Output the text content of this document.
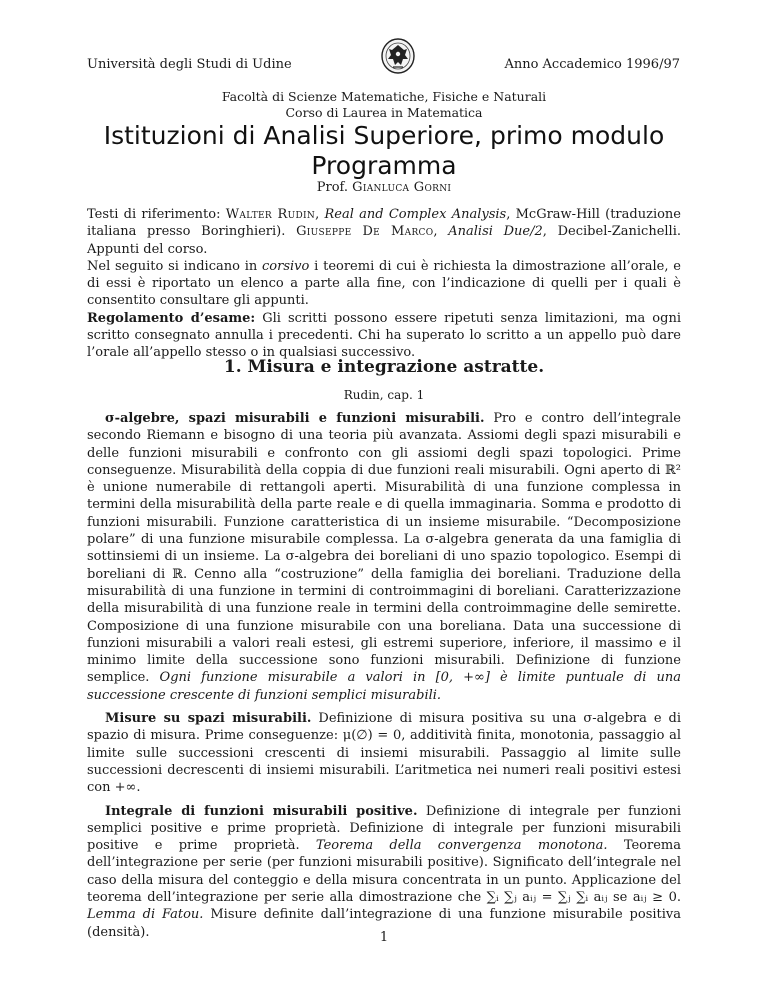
Università degli Studi di Udine	Anno Accademico 1996/97
Facoltà di Scienze Matematiche, Fisiche e Naturali
Corso di Laurea in Matematica
Istituzioni di Analisi Superiore, primo modulo
Programma
Prof. Gianluca Gorni

Testi di riferimento: Walter Rudin, Real and Complex Analysis, McGraw-Hill (traduzione italiana presso Boringhieri). Giuseppe De Marco, Analisi Due/2, Decibel-Zanichelli. Appunti del corso.

Nel seguito si indicano in corsivo i teoremi di cui è richiesta la dimostrazione all’orale, e di essi è riportato un elenco a parte alla fine, con l’indicazione di quelli per i quali è consentito consultare gli appunti.

Regolamento d’esame: Gli scritti possono essere ripetuti senza limitazioni, ma ogni scritto consegnato annulla i precedenti. Chi ha superato lo scritto a un appello può dare l’orale all’appello stesso o in qualsiasi successivo.

1. Misura e integrazione astratte.
Rudin, cap. 1

σ-algebre, spazi misurabili e funzioni misurabili. Pro e contro dell’integrale secondo Riemann e bisogno di una teoria più avanzata. Assiomi degli spazi misurabili e delle funzioni misurabili e confronto con gli assiomi degli spazi topologici. Prime conseguenze. Misurabilità della coppia di due funzioni reali misurabili. Ogni aperto di ℝ² è unione numerabile di rettangoli aperti. Misurabilità di una funzione complessa in termini della misurabilità della parte reale e di quella immaginaria. Somma e prodotto di funzioni misurabili. Funzione caratteristica di un insieme misurabile. “Decomposizione polare” di una funzione misurabile complessa. La σ-algebra generata da una famiglia di sottinsiemi di un insieme. La σ-algebra dei boreliani di uno spazio topologico. Esempi di boreliani di ℝ. Cenno alla “costruzione” della famiglia dei boreliani. Traduzione della misurabilità di una funzione in termini di controimmagini di boreliani. Caratterizzazione della misurabilità di una funzione reale in termini della controimmagine delle semirette. Composizione di una funzione misurabile con una boreliana. Data una successione di funzioni misurabili a valori reali estesi, gli estremi superiore, inferiore, il massimo e il minimo limite della successione sono funzioni misurabili. Definizione di funzione semplice. Ogni funzione misurabile a valori in [0, +∞] è limite puntuale di una successione crescente di funzioni semplici misurabili.

Misure su spazi misurabili. Definizione di misura positiva su una σ-algebra e di spazio di misura. Prime conseguenze: μ(∅) = 0, additività finita, monotonia, passaggio al limite sulle successioni crescenti di insiemi misurabili. Passaggio al limite sulle successioni decrescenti di insiemi misurabili. L’aritmetica nei numeri reali positivi estesi con +∞.

Integrale di funzioni misurabili positive. Definizione di integrale per funzioni semplici positive e prime proprietà. Definizione di integrale per funzioni misurabili positive e prime proprietà. Teorema della convergenza monotona. Teorema dell’integrazione per serie (per funzioni misurabili positive). Significato dell’integrale nel caso della misura del conteggio e della misura concentrata in un punto. Applicazione del teorema dell’integrazione per serie alla dimostrazione che ∑ᵢ ∑ⱼ aᵢⱼ = ∑ⱼ ∑ᵢ aᵢⱼ se aᵢⱼ ≥ 0. Lemma di Fatou. Misure definite dall’integrazione di una funzione misurabile positiva (densità).	1
